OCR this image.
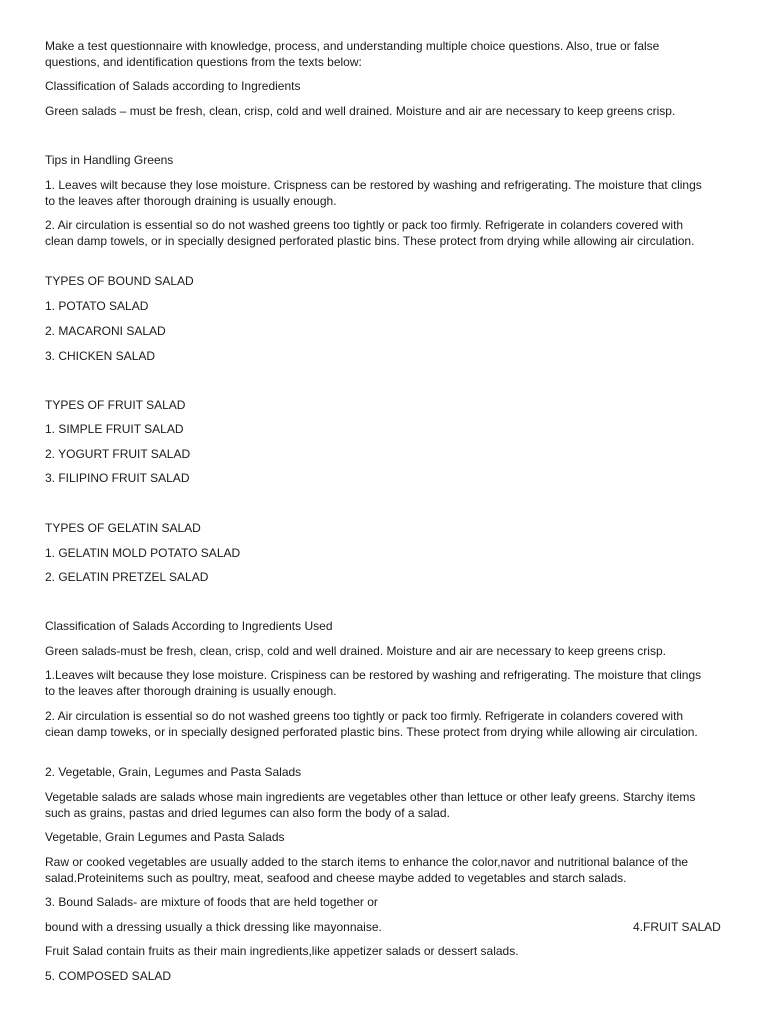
Make a test questionnaire with knowledge, process, and understanding multiple choice questions. Also, true or false questions, and identification questions from the texts below:
Classification of Salads according to Ingredients
Green salads – must be fresh, clean, crisp, cold and well drained. Moisture and air are necessary to keep greens crisp.
Tips in Handling Greens
1. Leaves wilt because they lose moisture. Crispness can be restored by washing and refrigerating. The moisture that clings to the leaves after thorough draining is usually enough.
2. Air circulation is essential so do not washed greens too tightly or pack too firmly. Refrigerate in colanders covered with clean damp towels, or in specially designed perforated plastic bins. These protect from drying while allowing air circulation.
TYPES OF BOUND SALAD
1. POTATO SALAD
2. MACARONI SALAD
3. CHICKEN SALAD
TYPES OF FRUIT SALAD
1. SIMPLE FRUIT SALAD
2. YOGURT FRUIT SALAD
3. FILIPINO FRUIT SALAD
TYPES OF GELATIN SALAD
1. GELATIN MOLD POTATO SALAD
2. GELATIN PRETZEL SALAD
Classification of Salads According to Ingredients Used
Green salads-must be fresh, clean, crisp, cold and well drained. Moisture and air are necessary to keep greens crisp.
1.Leaves wilt because they lose moisture. Crispiness can be restored by washing and refrigerating. The moisture that clings to the leaves after thorough draining is usually enough.
2. Air circulation is essential so do not washed greens too tightly or pack too firmly. Refrigerate in colanders covered with ciean damp toweks, or in specially designed perforated plastic bins. These protect from drying while allowing air circulation.
2. Vegetable, Grain, Legumes and Pasta Salads
Vegetable salads are salads whose main ingredients are vegetables other than lettuce or other leafy greens. Starchy items such as grains, pastas and dried legumes can also form the body of a salad.
Vegetable, Grain Legumes and Pasta Salads
Raw or cooked vegetables are usually added to the starch items to enhance the color,navor and nutritional balance of the salad.Proteinitems such as poultry, meat, seafood and cheese maybe added to vegetables and starch salads.
3. Bound Salads- are mixture of foods that are held together or
bound with a dressing usually a thick dressing like mayonnaise.	4.FRUIT SALAD
Fruit Salad contain fruits as their main ingredients,like appetizer salads or dessert salads.
5. COMPOSED SALAD
